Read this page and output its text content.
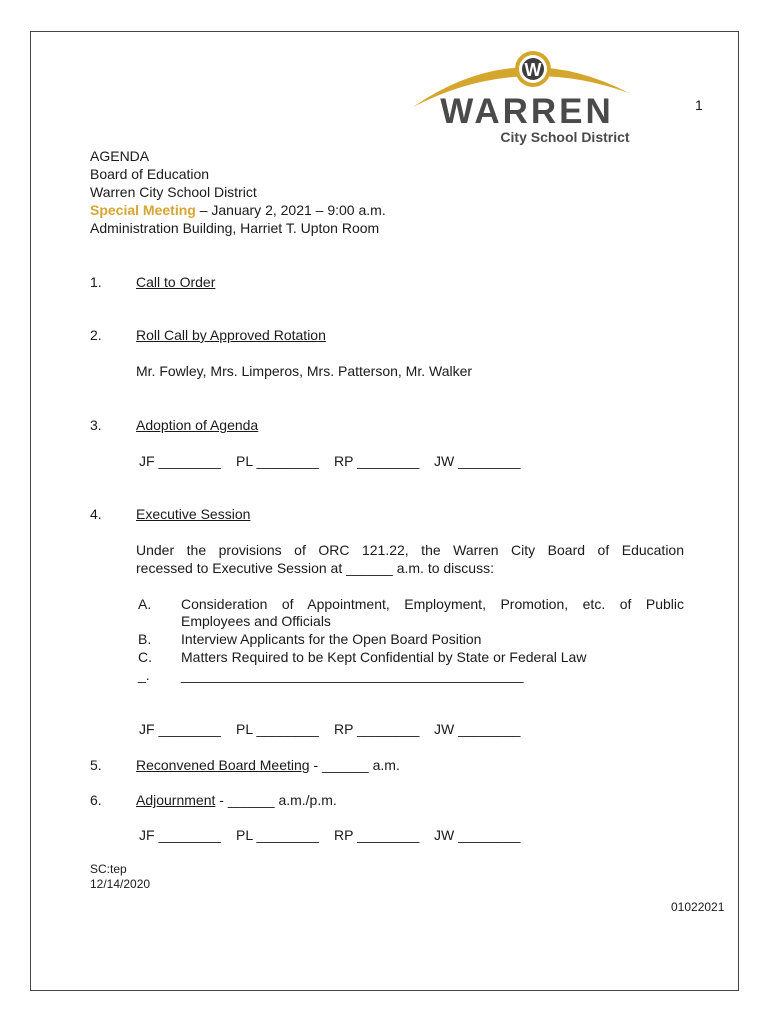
W
WARREN
City School District
1
AGENDA
Board of Education
Warren City School District
Special Meeting – January 2, 2021 – 9:00 a.m.
Administration Building, Harriet T. Upton Room
1. Call to Order
2. Roll Call by Approved Rotation
Mr. Fowley, Mrs. Limperos, Mrs. Patterson, Mr. Walker
3. Adoption of Agenda
JF ________ PL ________ RP ________ JW ________
4. Executive Session
Under the provisions of ORC 121.22, the Warren City Board of Education
recessed to Executive Session at ______ a.m. to discuss:
A. Consideration of Appointment, Employment, Promotion, etc. of Public
Employees and Officials
B. Interview Applicants for the Open Board Position
C. Matters Required to be Kept Confidential by State or Federal Law
_. ____________________________________________
JF ________ PL ________ RP ________ JW ________
5. Reconvened Board Meeting - ______ a.m.
6. Adjournment - ______ a.m./p.m.
JF ________ PL ________ RP ________ JW ________
SC:tep
12/14/2020
01022021
